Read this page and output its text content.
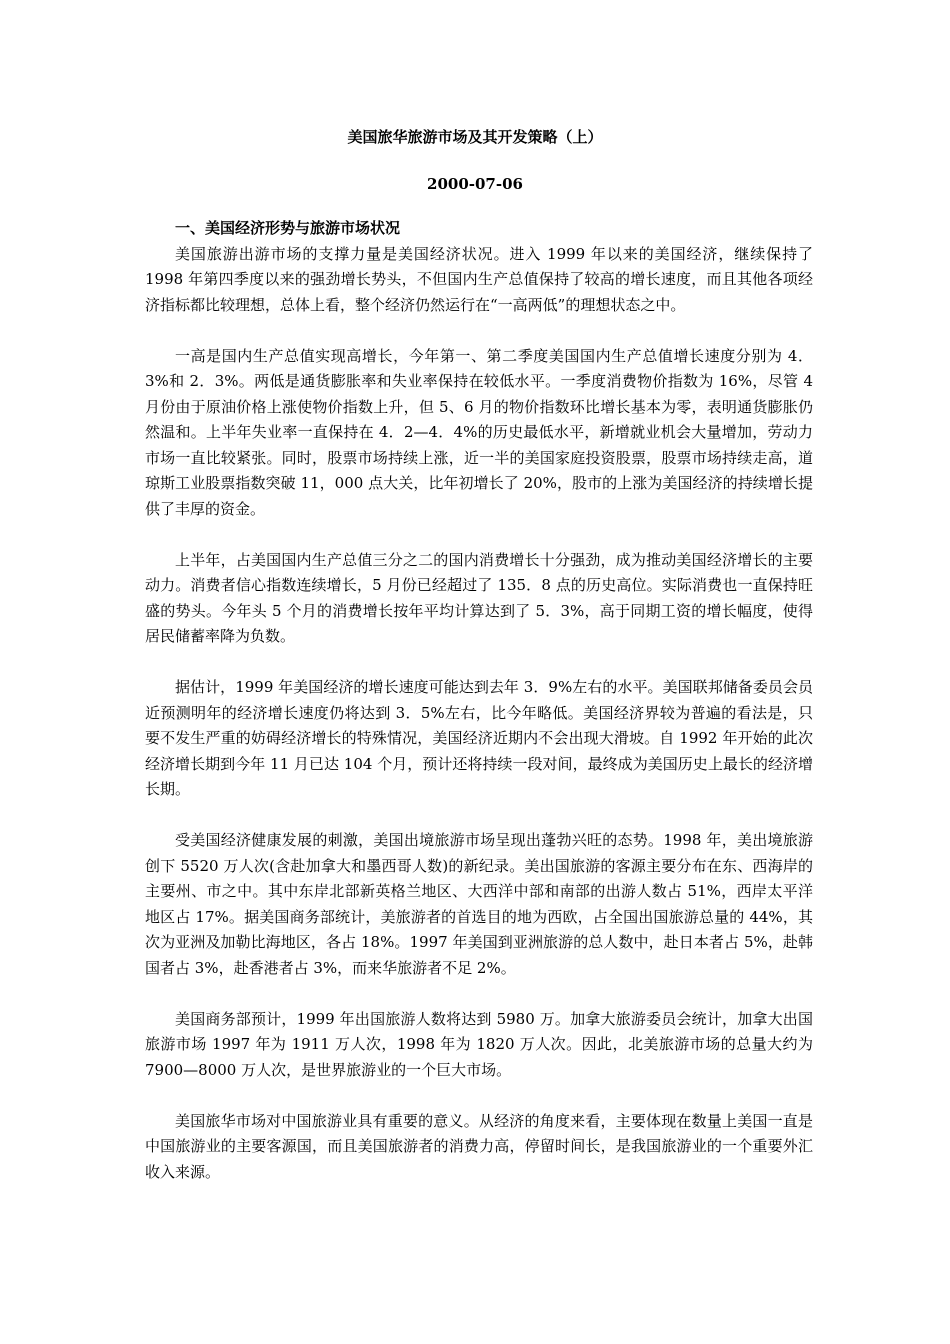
美国旅华旅游市场及其开发策略（上）
2000-07-06

一、美国经济形势与旅游市场状况

美国旅游出游市场的支撑力量是美国经济状况。进入 1999 年以来的美国经济，继续保持了 1998 年第四季度以来的强劲增长势头，不但国内生产总值保持了较高的增长速度，而且其他各项经济指标都比较理想，总体上看，整个经济仍然运行在“一高两低”的理想状态之中。

一高是国内生产总值实现高增长，今年第一、第二季度美国国内生产总值增长速度分别为 4．3%和 2．3%。两低是通货膨胀率和失业率保持在较低水平。一季度消费物价指数为 16%，尽管 4 月份由于原油价格上涨使物价指数上升，但 5、6 月的物价指数环比增长基本为零，表明通货膨胀仍然温和。上半年失业率一直保持在 4．2—4．4%的历史最低水平，新增就业机会大量增加，劳动力市场一直比较紧张。同时，股票市场持续上涨，近一半的美国家庭投资股票，股票市场持续走高，道琼斯工业股票指数突破 11，000 点大关，比年初增长了 20%，股市的上涨为美国经济的持续增长提供了丰厚的资金。

上半年，占美国国内生产总值三分之二的国内消费增长十分强劲，成为推动美国经济增长的主要动力。消费者信心指数连续增长，5 月份已经超过了 135．8 点的历史高位。实际消费也一直保持旺盛的势头。今年头 5 个月的消费增长按年平均计算达到了 5．3%，高于同期工资的增长幅度，使得居民储蓄率降为负数。

据估计，1999 年美国经济的增长速度可能达到去年 3．9%左右的水平。美国联邦储备委员会员近预测明年的经济增长速度仍将达到 3．5%左右，比今年略低。美国经济界较为普遍的看法是，只要不发生严重的妨碍经济增长的特殊情况，美国经济近期内不会出现大滑坡。自 1992 年开始的此次经济增长期到今年 11 月已达 104 个月，预计还将持续一段对间，最终成为美国历史上最长的经济增长期。

受美国经济健康发展的刺激，美国出境旅游市场呈现出蓬勃兴旺的态势。1998 年，美出境旅游创下 5520 万人次(含赴加拿大和墨西哥人数)的新纪录。美出国旅游的客源主要分布在东、西海岸的主要州、市之中。其中东岸北部新英格兰地区、大西洋中部和南部的出游人数占 51%，西岸太平洋地区占 17%。据美国商务部统计，美旅游者的首选目的地为西欧，占全国出国旅游总量的 44%，其次为亚洲及加勒比海地区，各占 18%。1997 年美国到亚洲旅游的总人数中，赴日本者占 5%，赴韩国者占 3%，赴香港者占 3%，而来华旅游者不足 2%。

美国商务部预计，1999 年出国旅游人数将达到 5980 万。加拿大旅游委员会统计，加拿大出国旅游市场 1997 年为 1911 万人次，1998 年为 1820 万人次。因此，北美旅游市场的总量大约为 7900—8000 万人次，是世界旅游业的一个巨大市场。

美国旅华市场对中国旅游业具有重要的意义。从经济的角度来看，主要体现在数量上美国一直是中国旅游业的主要客源国，而且美国旅游者的消费力高，停留时间长，是我国旅游业的一个重要外汇收入来源。
